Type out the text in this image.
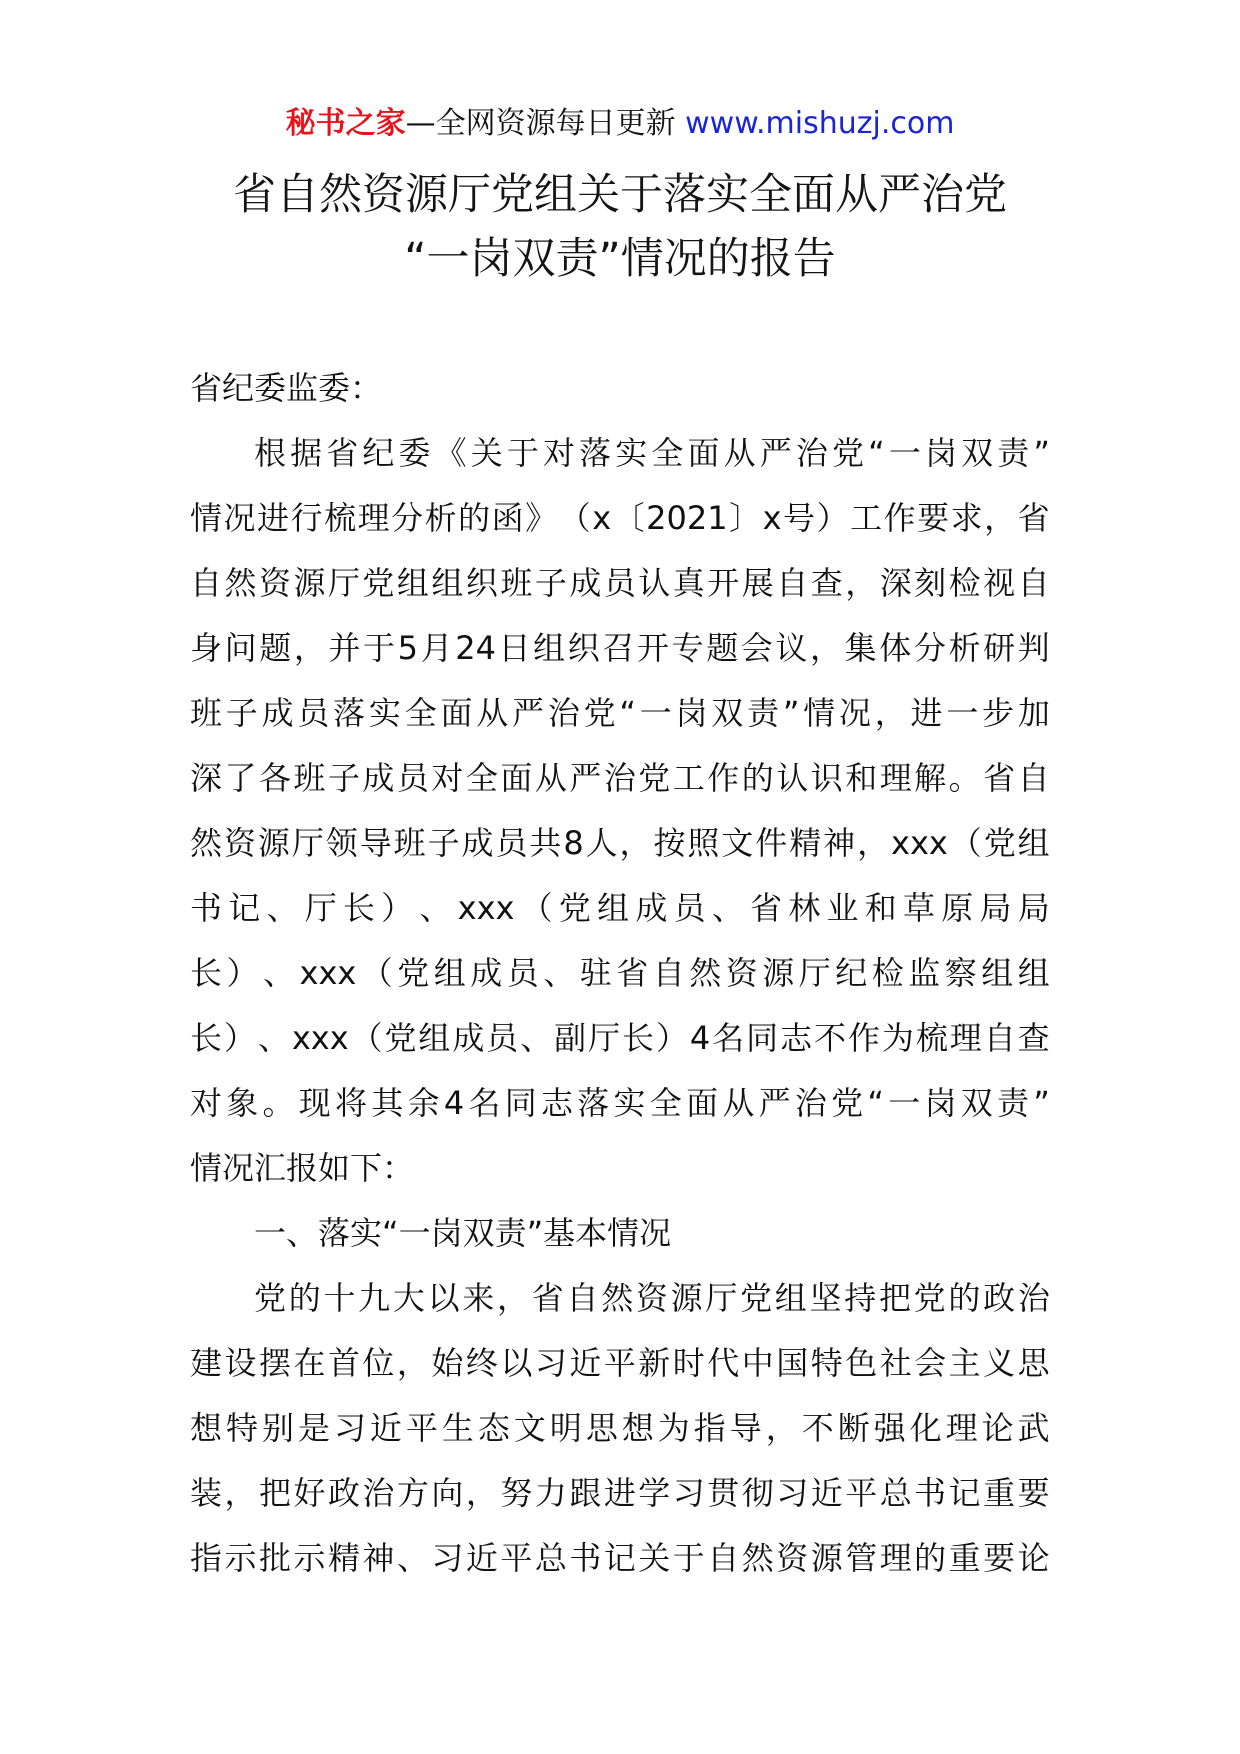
秘书之家—全网资源每日更新 www.mishuzj.com
省自然资源厅党组关于落实全面从严治党
“一岗双责”情况的报告
省纪委监委：
根 据 省 纪 委 《 关 于 对 落 实 全 面 从 严 治 党 “ 一 岗 双 责 ”
情 况 进 行 梳 理 分 析 的 函 》 （ x 〔 2021 〕 x 号 ） 工 作 要 求 ， 省
自 然 资 源 厅 党 组 组 织 班 子 成 员 认 真 开 展 自 查 ， 深 刻 检 视 自
身 问 题 ， 并 于 5 月 24 日 组 织 召 开 专 题 会 议 ， 集 体 分 析 研 判
班 子 成 员 落 实 全 面 从 严 治 党 “ 一 岗 双 责 ” 情 况 ， 进 一 步 加
深 了 各 班 子 成 员 对 全 面 从 严 治 党 工 作 的 认 识 和 理 解 。 省 自
然 资 源 厅 领 导 班 子 成 员 共 8 人 ， 按 照 文 件 精 神 ， xxx （ 党 组
书 记 、 厅 长 ） 、 xxx （ 党 组 成 员 、 省 林 业 和 草 原 局 局
长 ） 、 xxx （ 党 组 成 员 、 驻 省 自 然 资 源 厅 纪 检 监 察 组 组
长 ） 、 xxx （ 党 组 成 员 、 副 厅 长 ） 4 名 同 志 不 作 为 梳 理 自 查
对 象 。 现 将 其 余 4 名 同 志 落 实 全 面 从 严 治 党 “ 一 岗 双 责 ”
情况汇报如下：
一、落实“一岗双责”基本情况
党 的 十 九 大 以 来 ， 省 自 然 资 源 厅 党 组 坚 持 把 党 的 政 治
建 设 摆 在 首 位 ， 始 终 以 习 近 平 新 时 代 中 国 特 色 社 会 主 义 思
想 特 别 是 习 近 平 生 态 文 明 思 想 为 指 导 ， 不 断 强 化 理 论 武
装 ， 把 好 政 治 方 向 ， 努 力 跟 进 学 习 贯 彻 习 近 平 总 书 记 重 要
指 示 批 示 精 神 、 习 近 平 总 书 记 关 于 自 然 资 源 管 理 的 重 要 论
